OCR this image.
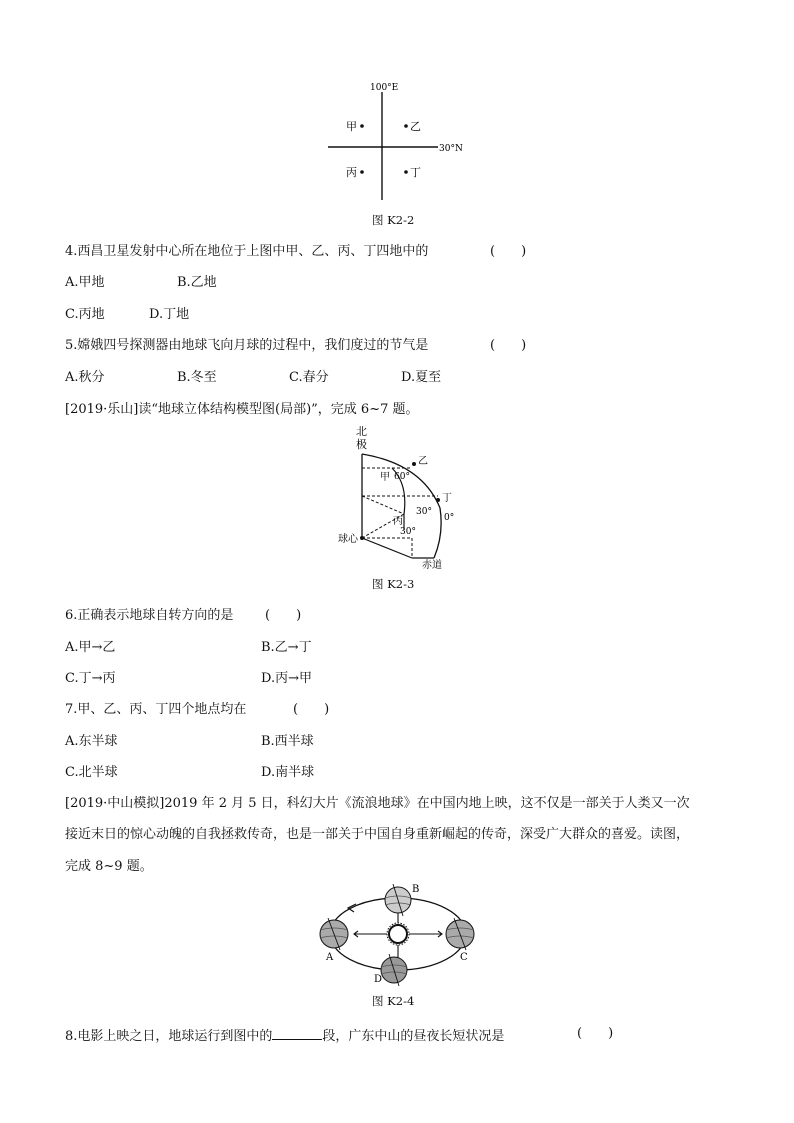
100°E
30°N
甲	乙
丙	丁
图 K2-2
4.西昌卫星发射中心所在地位于上图中甲、乙、丙、丁四地中的	(　　)
A.甲地	B.乙地
C.丙地	D.丁地
5.嫦娥四号探测器由地球飞向月球的过程中，我们度过的节气是	(　　)
A.秋分	B.冬至	C.春分	D.夏至
[2019·乐山]读“地球立体结构模型图(局部)”，完成 6~7 题。
北
极
乙
甲 60°
丁
30°
0°
丙
30°
球心
赤道
图 K2-3
6.正确表示地球自转方向的是 (　　)
A.甲→乙	B.乙→丁
C.丁→丙	D.丙→甲
7.甲、乙、丙、丁四个地点均在	(　　)
A.东半球	B.西半球
C.北半球	D.南半球
[2019·中山模拟]2019 年 2 月 5 日，科幻大片《流浪地球》在中国内地上映，这不仅是一部关于人类又一次
接近末日的惊心动魄的自我拯救传奇，也是一部关于中国自身重新崛起的传奇，深受广大群众的喜爱。读图，
完成 8~9 题。
A
B
C
D
图 K2-4
8.电影上映之日，地球运行到图中的	段，广东中山的昼夜长短状况是	(　　)
